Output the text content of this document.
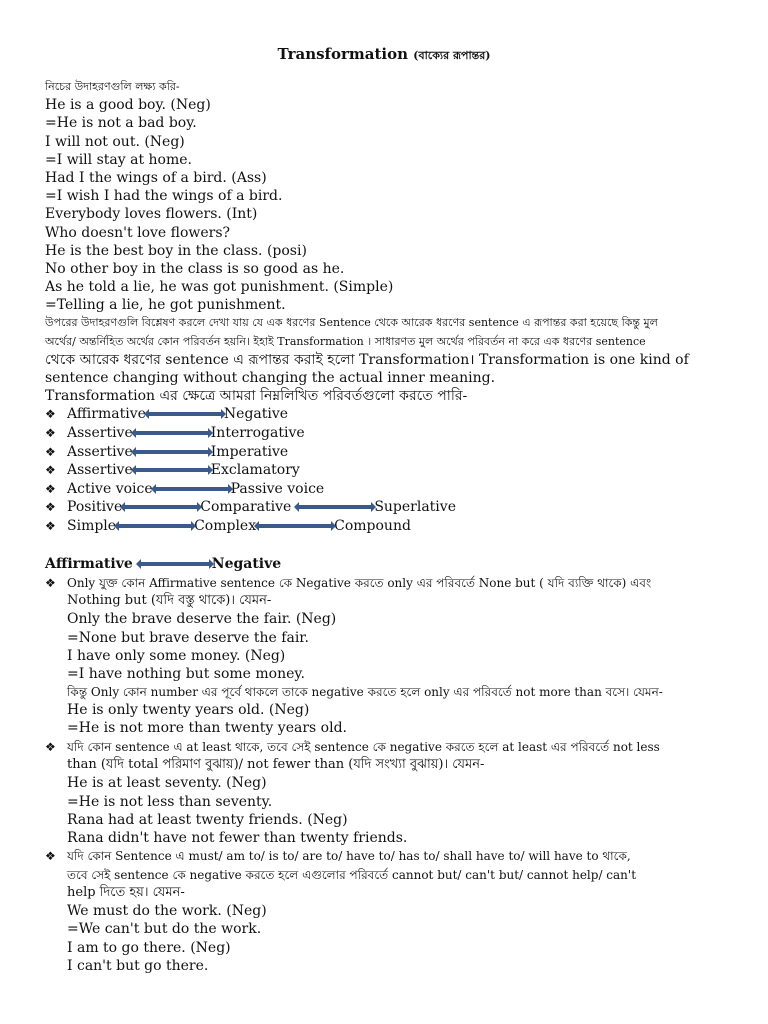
Transformation (বাক্যের রূপান্তর)
নিচের উদাহরণগুলি লক্ষ্য করি-
He is a good boy. (Neg)
=He is not a bad boy.
I will not out. (Neg)
=I will stay at home.
Had I the wings of a bird. (Ass)
=I wish I had the wings of a bird.
Everybody loves flowers. (Int)
Who doesn't love flowers?
He is the best boy in the class. (posi)
No other boy in the class is so good as he.
As he told a lie, he was got punishment. (Simple)
=Telling a lie, he got punishment.
উপরের উদাহরণগুলি বিশ্লেষণ করলে দেখা যায় যে এক ধরণের Sentence থেকে আরেক ধরণের sentence এ রূপান্তর করা হয়েছে কিন্তু মুল
অর্থের/ অন্তর্নিহিত অর্থের কোন পরিবর্তন হয়নি। ইহাই Transformation । সাধারণত মুল অর্থের পরিবর্তন না করে এক ধরণের sentence
থেকে আরেক ধরণের sentence এ রূপান্তর করাই হলো Transformation। Transformation is one kind of
sentence changing without changing the actual inner meaning.
Transformation এর ক্ষেত্রে আমরা নিম্নলিখিত পরিবর্তগুলো করতে পারি-
❖ Affirmative	Negative
❖ Assertive	Interrogative
❖ Assertive	Imperative
❖ Assertive	Exclamatory
❖ Active voice	Passive voice
❖ Positive	Comparative	Superlative
❖ Simple	Complex	Compound
Affirmative	Negative
❖ Only যুক্ত কোন Affirmative sentence কে Negative করতে only এর পরিবর্তে None but ( যদি ব্যক্তি থাকে) এবং
Nothing but (যদি বস্তু থাকে)। যেমন-
Only the brave deserve the fair. (Neg)
=None but brave deserve the fair.
I have only some money. (Neg)
=I have nothing but some money.
কিন্তু Only কোন number এর পূর্বে থাকলে তাকে negative করতে হলে only এর পরিবর্তে not more than বসে। যেমন-
He is only twenty years old. (Neg)
=He is not more than twenty years old.
❖ যদি কোন sentence এ at least থাকে, তবে সেই sentence কে negative করতে হলে at least এর পরিবর্তে not less
than (যদি total পরিমাণ বুঝায়)/ not fewer than (যদি সংখ্যা বুঝায়)। যেমন-
He is at least seventy. (Neg)
=He is not less than seventy.
Rana had at least twenty friends. (Neg)
Rana didn't have not fewer than twenty friends.
❖ যদি কোন Sentence এ must/ am to/ is to/ are to/ have to/ has to/ shall have to/ will have to থাকে,
তবে সেই sentence কে negative করতে হলে এগুলোর পরিবর্তে cannot but/ can't but/ cannot help/ can't
help দিতে হয়। যেমন-
We must do the work. (Neg)
=We can't but do the work.
I am to go there. (Neg)
I can't but go there.
